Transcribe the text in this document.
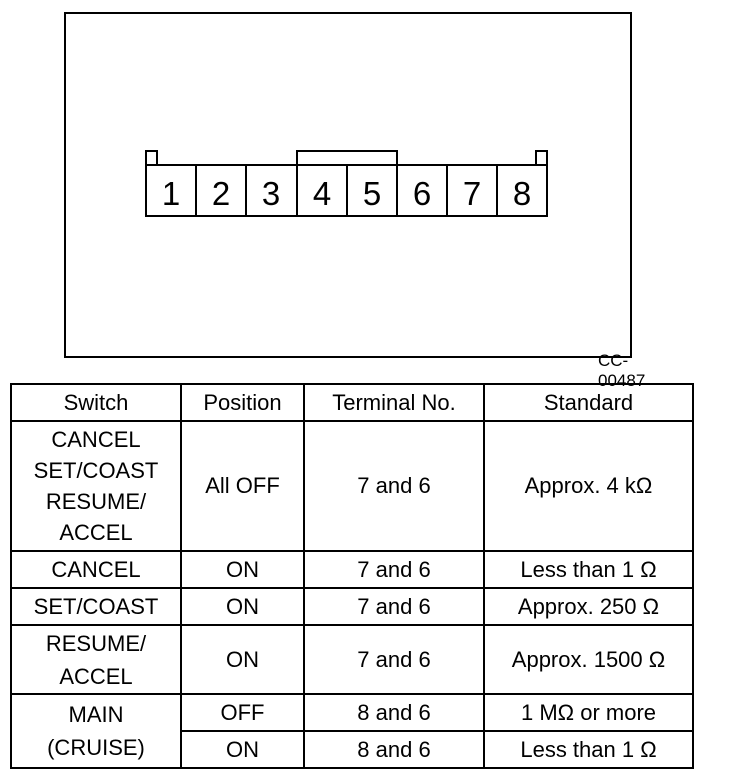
1 2 3 4 5 6 7 8
CC-00487
Switch	Position	Terminal No.	Standard

CANCEL
SET/COAST
RESUME/
ACCEL	All OFF	7 and 6	Approx. 4 kΩ

CANCEL	ON	7 and 6	Less than 1 Ω

SET/COAST	ON	7 and 6	Approx. 250 Ω

RESUME/
ACCEL	ON	7 and 6	Approx. 1500 Ω

MAIN
(CRUISE)	OFF	8 and 6	1 MΩ or more
	ON	8 and 6	Less than 1 Ω
